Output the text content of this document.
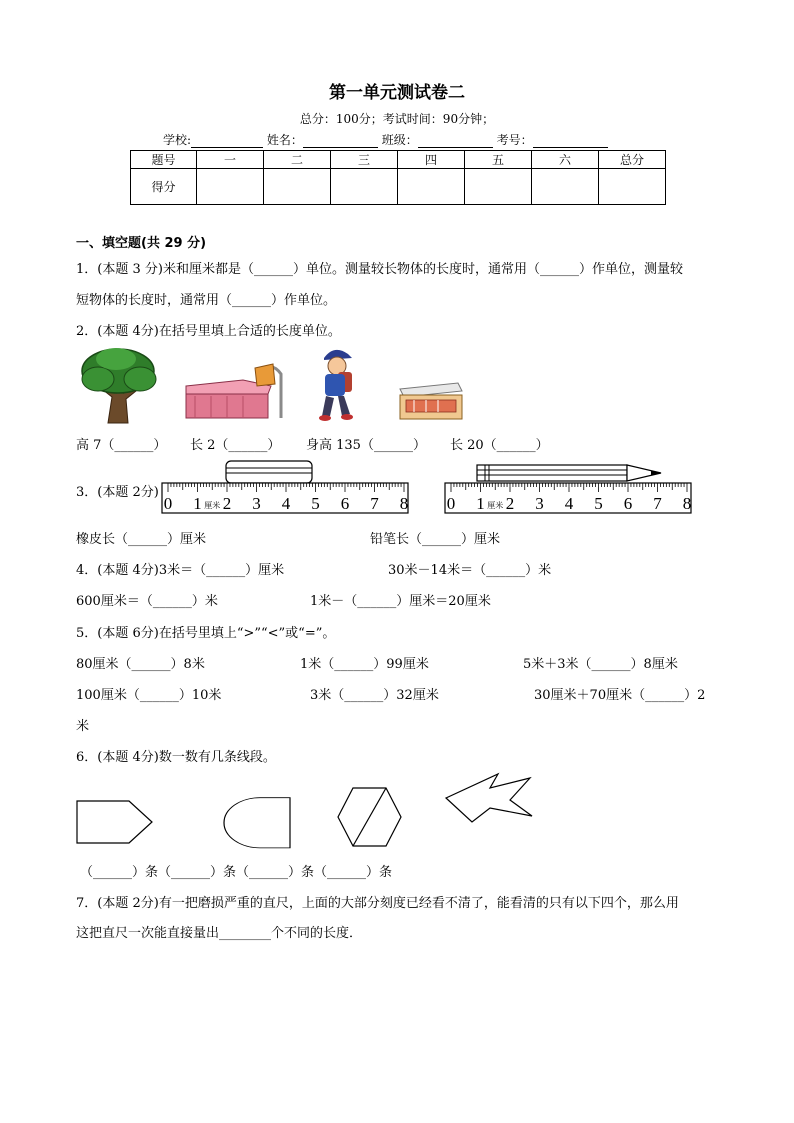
第一单元测试卷二
总分：100分；考试时间：90分钟；
学校:	姓名：	班级：	考号：
题号	一	二	三	四	五	六	总分
得分							
一、填空题(共 29 分)
1．(本题 3 分)米和厘米都是（______）单位。测量较长物体的长度时，通常用（______）作单位，测量较
短物体的长度时，通常用（______）作单位。
2．(本题 4分)在括号里填上合适的长度单位。
高 7（______） 长 2（______） 身高 135（______） 长 20（______）
3．(本题 2分)
0 1 2 3 4 5 6 7 8
厘米	0 1 2 3 4 5 6 7 8
厘米
橡皮长（______）厘米	铅笔长（______）厘米
4．(本题 4分)3米＝（______）厘米	30米－14米＝（______）米
600厘米＝（______）米	1米－（______）厘米＝20厘米
5．(本题 6分)在括号里填上“>”“<”或“=”。
80厘米（______）8米	1米（______）99厘米	5米＋3米（______）8厘米
100厘米（______）10米	3米（______）32厘米	30厘米＋70厘米（______）2
米
6．(本题 4分)数一数有几条线段。
（______）条（______）条（______）条（______）条
7．(本题 2分)有一把磨损严重的直尺，上面的大部分刻度已经看不清了，能看清的只有以下四个，那么用
这把直尺一次能直接量出________个不同的长度．
